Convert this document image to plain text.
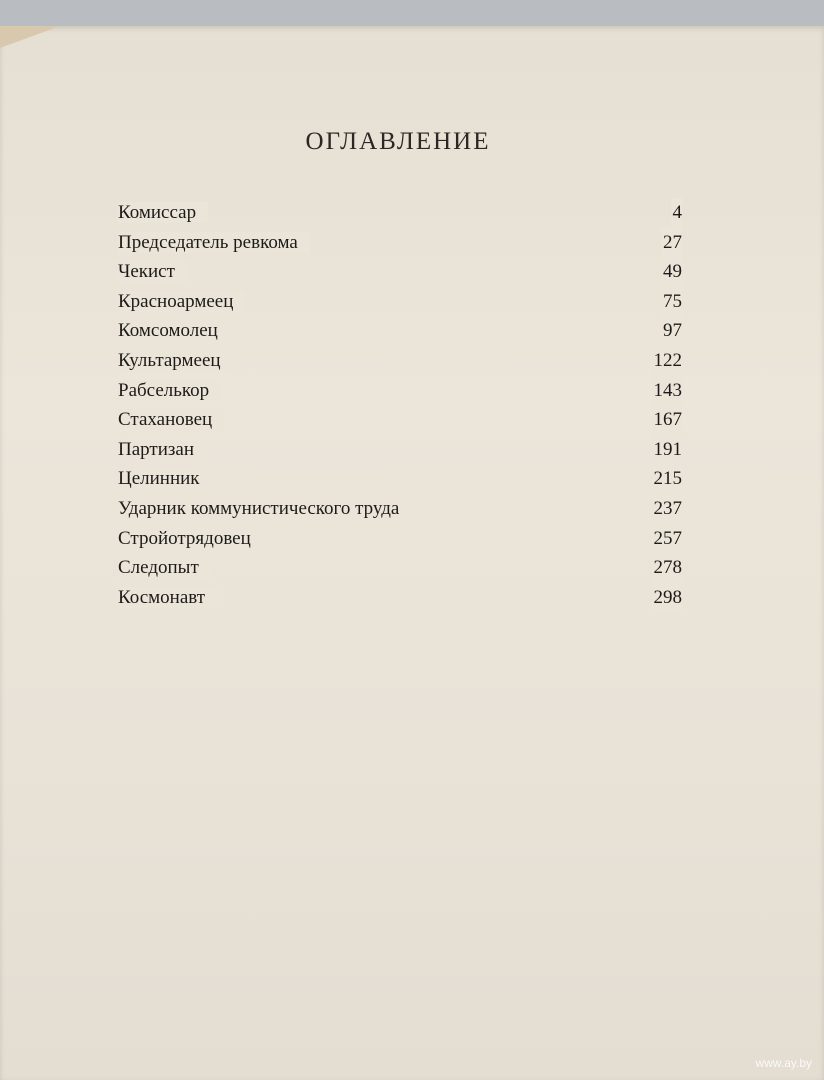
ОГЛАВЛЕНИЕ
Комиссар	4
Председатель ревкома	27
Чекист	49
Красноармеец	75
Комсомолец	97
Культармеец	122
Рабселькор	143
Стахановец	167
Партизан	191
Целинник	215
Ударник коммунистического труда	237
Стройотрядовец	257
Следопыт	278
Космонавт	298
www.ay.by
